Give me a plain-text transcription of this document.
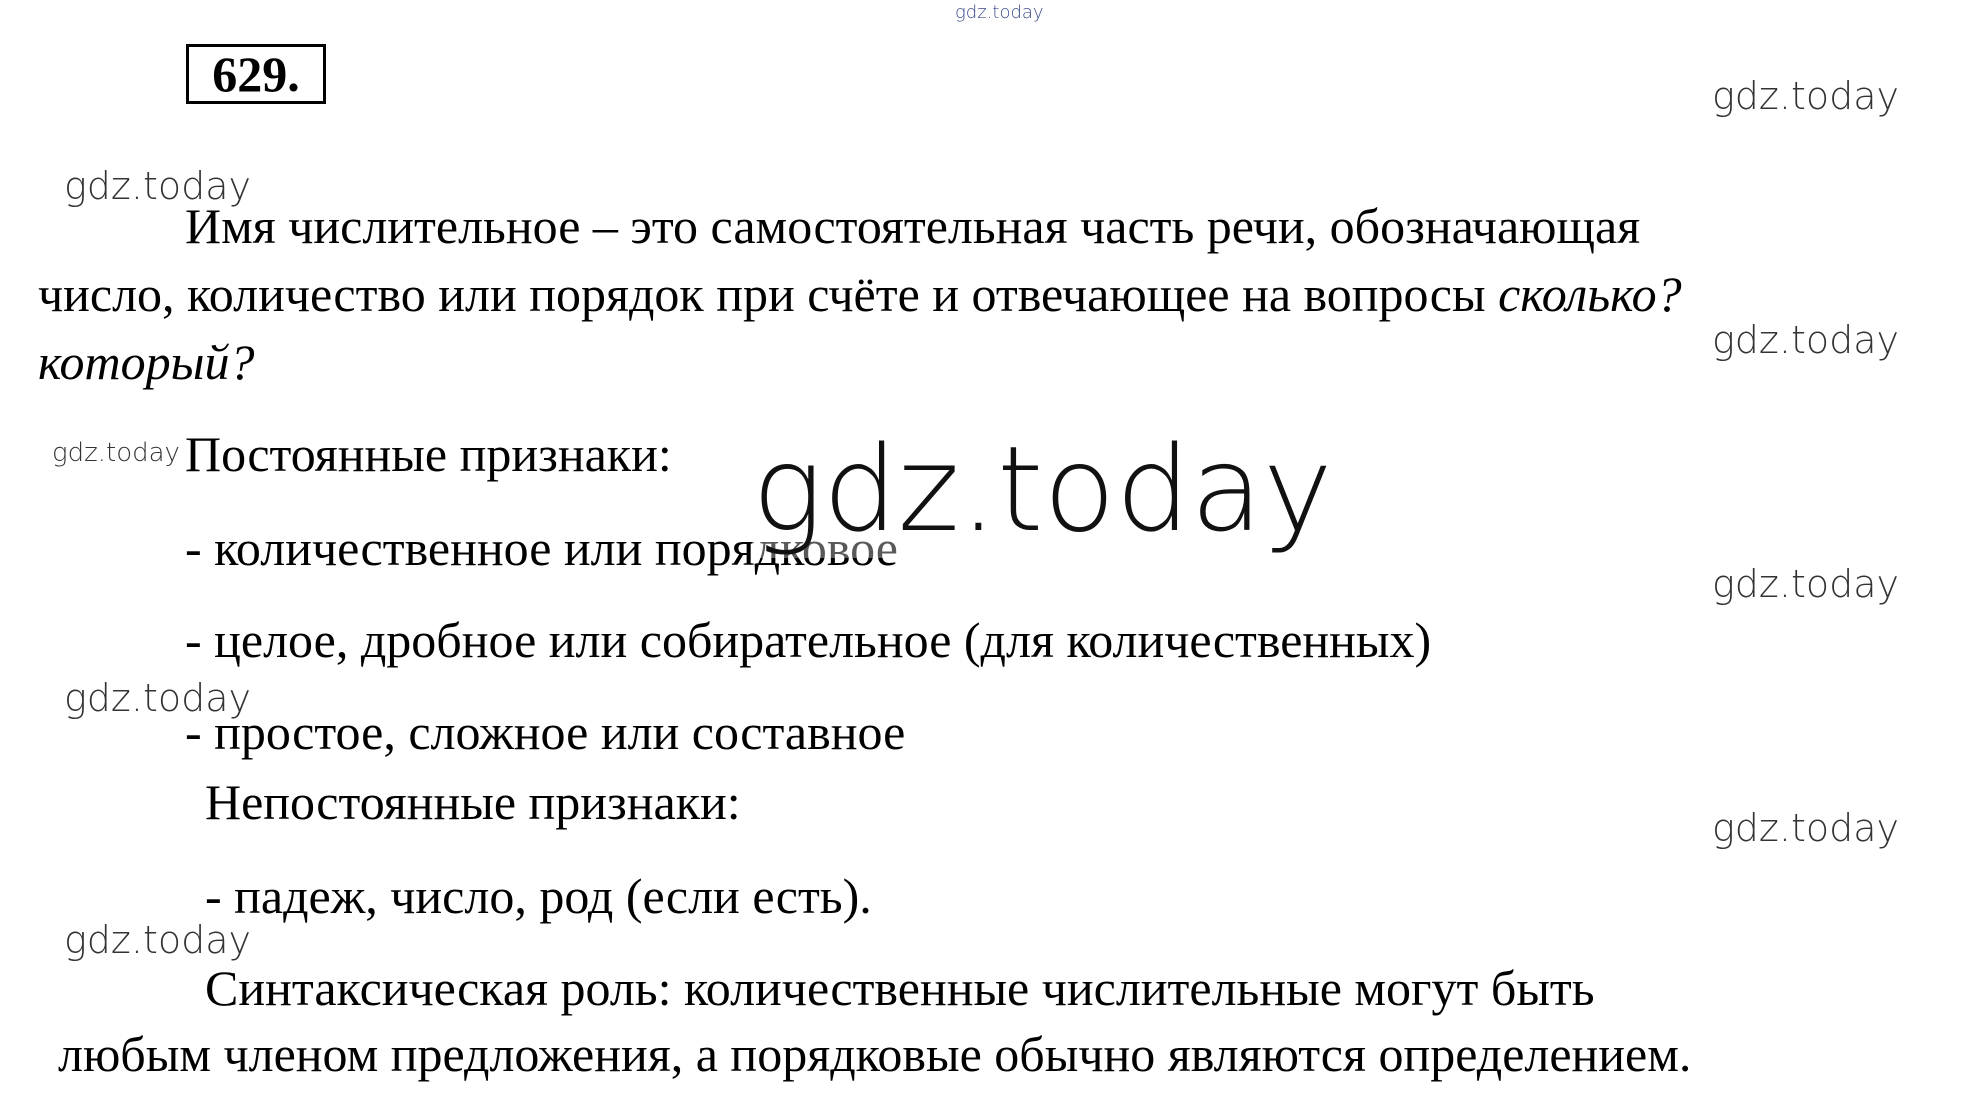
629.
Имя числительное – это самостоятельная часть речи, обозначающая
число, количество или порядок при счёте и отвечающее на вопросы сколько?
который?
Постоянные признаки:
- количественное или порядковое
- целое, дробное или собирательное (для количественных)
- простое, сложное или составное
Непостоянные признаки:
- падеж, число, род (если есть).
Синтаксическая роль: количественные числительные могут быть
любым членом предложения, а порядковые обычно являются определением.
gdz.today
gdz.today
gdz.today
gdz.today
gdz.today	gdz.today
gdz.today
gdz.today
gdz.today
gdz.today
